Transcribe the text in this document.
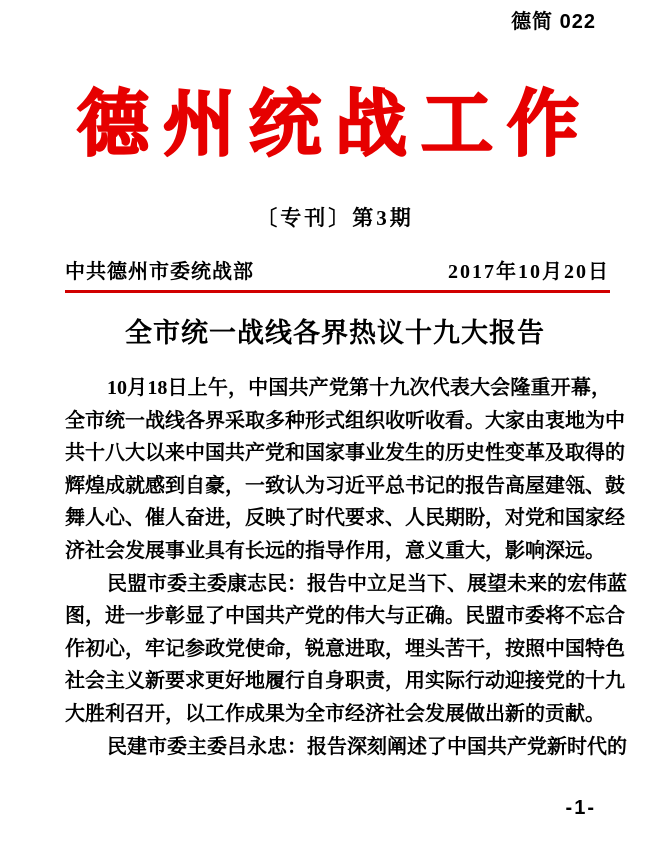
德简 022
德州统战工作
〔专刊〕第3期
中共德州市委统战部	2017年10月20日
全市统一战线各界热议十九大报告
10月18日上午，中国共产党第十九次代表大会隆重开幕，
全市统一战线各界采取多种形式组织收听收看。大家由衷地为中
共十八大以来中国共产党和国家事业发生的历史性变革及取得的
辉煌成就感到自豪，一致认为习近平总书记的报告高屋建瓴、鼓
舞人心、催人奋进，反映了时代要求、人民期盼，对党和国家经
济社会发展事业具有长远的指导作用，意义重大，影响深远。
民盟市委主委康志民：报告中立足当下、展望未来的宏伟蓝
图，进一步彰显了中国共产党的伟大与正确。民盟市委将不忘合
作初心，牢记参政党使命，锐意进取，埋头苦干，按照中国特色
社会主义新要求更好地履行自身职责，用实际行动迎接党的十九
大胜利召开，以工作成果为全市经济社会发展做出新的贡献。
民建市委主委吕永忠：报告深刻阐述了中国共产党新时代的
-1-
